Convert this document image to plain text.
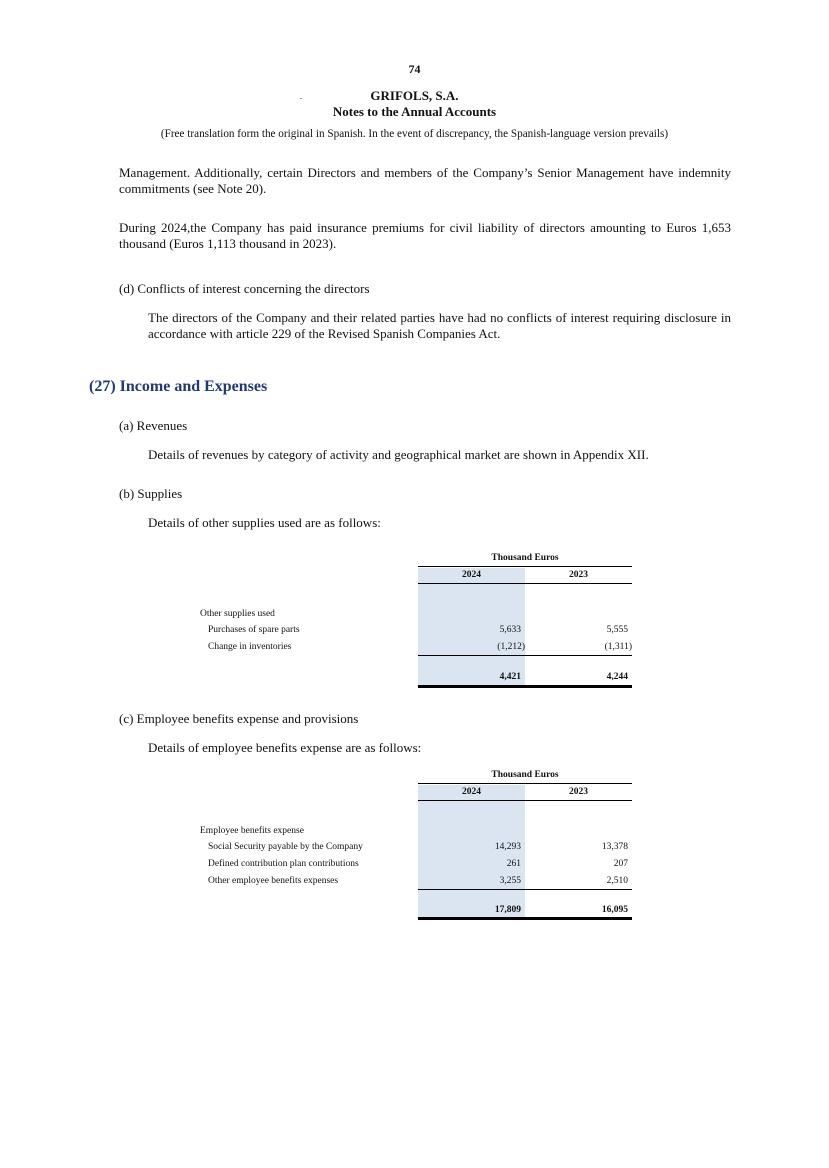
74
GRIFOLS, S.A.
Notes to the Annual Accounts
(Free translation form the original in Spanish. In the event of discrepancy, the Spanish-language version prevails)
Management. Additionally, certain Directors and members of the Company’s Senior Management have indemnity commitments (see Note 20).
During 2024,the Company has paid insurance premiums for civil liability of directors amounting to Euros 1,653 thousand (Euros 1,113 thousand in 2023).
(d) Conflicts of interest concerning the directors
The directors of the Company and their related parties have had no conflicts of interest requiring disclosure in accordance with article 229 of the Revised Spanish Companies Act.
(27) Income and Expenses
(a) Revenues
Details of revenues by category of activity and geographical market are shown in Appendix XII.
(b) Supplies
Details of other supplies used are as follows:
Thousand Euros
2024	2023
Other supplies used
Purchases of spare parts	5,633	5,555
Change in inventories	(1,212)	(1,311)
4,421	4,244
(c) Employee benefits expense and provisions
Details of employee benefits expense are as follows:
Thousand Euros
2024	2023
Employee benefits expense
Social Security payable by the Company	14,293	13,378
Defined contribution plan contributions	261	207
Other employee benefits expenses	3,255	2,510
17,809	16,095
